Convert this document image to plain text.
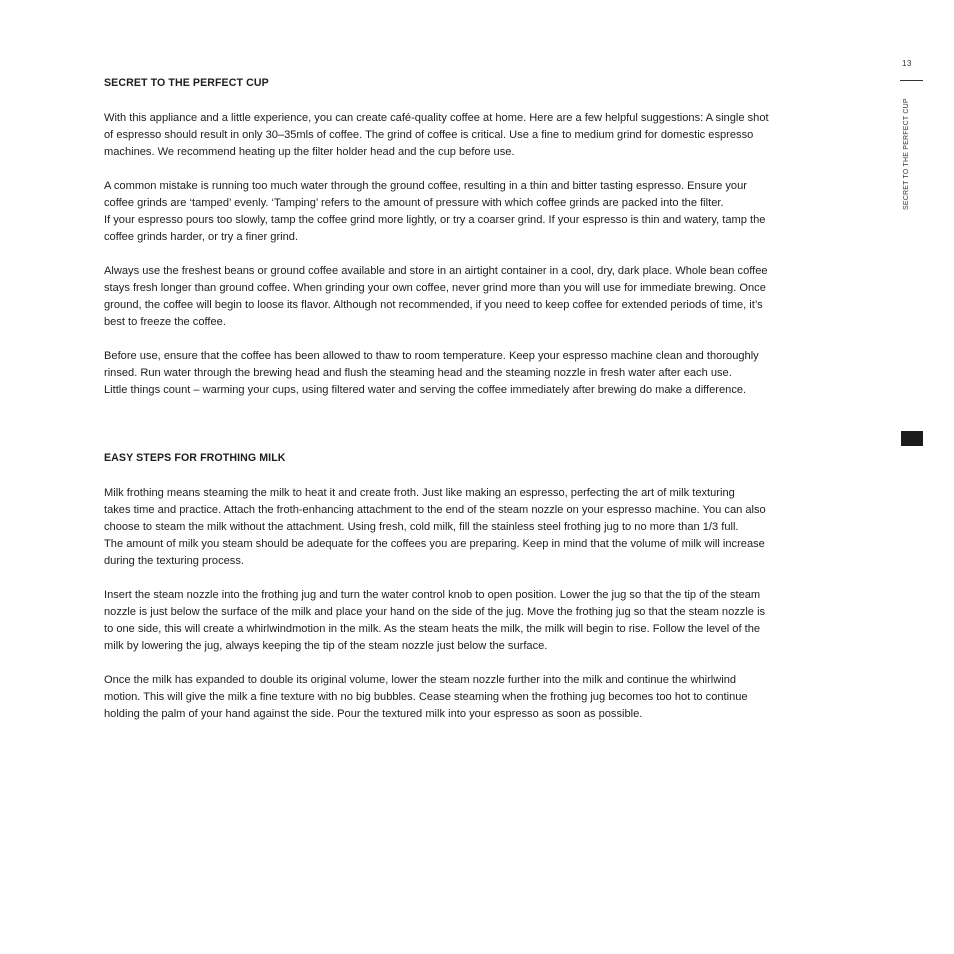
SECRET TO THE PERFECT CUP

With this appliance and a little experience, you can create café-quality coffee at home. Here are a few helpful suggestions: A single shot
of espresso should result in only 30–35mls of coffee. The grind of coffee is critical. Use a fine to medium grind for domestic espresso
machines. We recommend heating up the filter holder head and the cup before use.

A common mistake is running too much water through the ground coffee, resulting in a thin and bitter tasting espresso. Ensure your
coffee grinds are ‘tamped’ evenly. ‘Tamping’ refers to the amount of pressure with which coffee grinds are packed into the filter.
If your espresso pours too slowly, tamp the coffee grind more lightly, or try a coarser grind. If your espresso is thin and watery, tamp the
coffee grinds harder, or try a finer grind.

Always use the freshest beans or ground coffee available and store in an airtight container in a cool, dry, dark place. Whole bean coffee
stays fresh longer than ground coffee. When grinding your own coffee, never grind more than you will use for immediate brewing. Once
ground, the coffee will begin to loose its flavor. Although not recommended, if you need to keep coffee for extended periods of time, it’s
best to freeze the coffee.

Before use, ensure that the coffee has been allowed to thaw to room temperature. Keep your espresso machine clean and thoroughly
rinsed. Run water through the brewing head and flush the steaming head and the steaming nozzle in fresh water after each use.
Little things count – warming your cups, using filtered water and serving the coffee immediately after brewing do make a difference.

EASY STEPS FOR FROTHING MILK

Milk frothing means steaming the milk to heat it and create froth. Just like making an espresso, perfecting the art of milk texturing
takes time and practice. Attach the froth-enhancing attachment to the end of the steam nozzle on your espresso machine. You can also
choose to steam the milk without the attachment. Using fresh, cold milk, fill the stainless steel frothing jug to no more than 1/3 full.
The amount of milk you steam should be adequate for the coffees you are preparing. Keep in mind that the volume of milk will increase
during the texturing process.

Insert the steam nozzle into the frothing jug and turn the water control knob to open position. Lower the jug so that the tip of the steam
nozzle is just below the surface of the milk and place your hand on the side of the jug. Move the frothing jug so that the steam nozzle is
to one side, this will create a whirlwindmotion in the milk. As the steam heats the milk, the milk will begin to rise. Follow the level of the
milk by lowering the jug, always keeping the tip of the steam nozzle just below the surface.

Once the milk has expanded to double its original volume, lower the steam nozzle further into the milk and continue the whirlwind
motion. This will give the milk a fine texture with no big bubbles. Cease steaming when the frothing jug becomes too hot to continue
holding the palm of your hand against the side. Pour the textured milk into your espresso as soon as possible.

13
SECRET TO THE PERFECT CUP
